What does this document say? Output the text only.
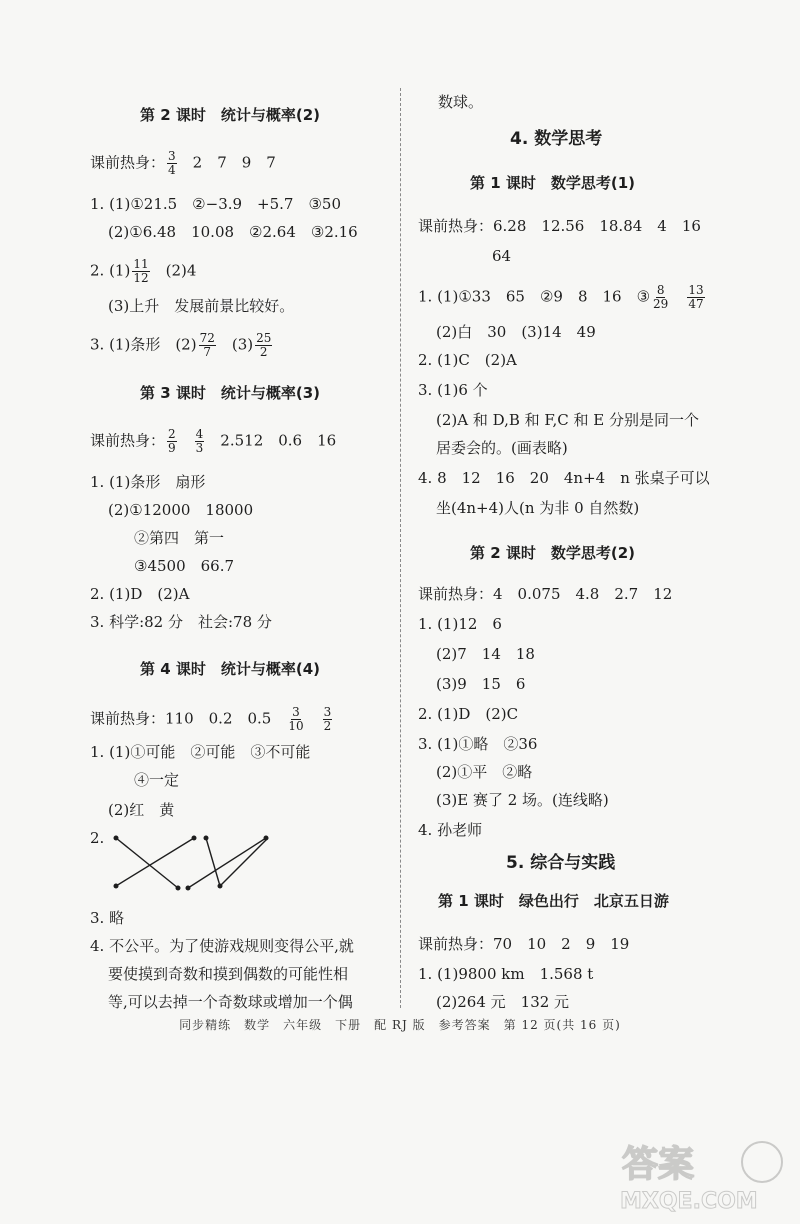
第 2 课时　统计与概率(2)
课前热身： $\frac{3}{4} 2$　7　9　7
1. (1)①21.5　②−3.9　+5.7　③50
(2)①6.48　10.08　②2.64　③2.16
2. $(1) \frac{11}{12} (2)4$
(3)上升　发展前景比较好。
3. (1)条形　$(2) \frac{72}{7} (3) \frac{25}{2}$
第 3 课时　统计与概率(3)
课前热身： $\frac{2}{9} \frac{4}{3} 2.512$　0.6　16
1. (1)条形　扇形
(2)①12000　18000
②第四　第一
③4500　66.7
2. (1)D　(2)A
3. 科学:82 分　社会:78 分
第 4 课时　统计与概率(4)
课前热身：110　0.2　$0.5 \frac{3}{10} \frac{3}{2}$
1. (1)①可能　②可能　③不可能
④一定
(2)红　黄
2.
3. 略
4. 不公平。为了使游戏规则变得公平,就
要使摸到奇数和摸到偶数的可能性相
等,可以去掉一个奇数球或增加一个偶
数球。
4. 数学思考
第 1 课时　数学思考(1)
课前热身：6.28　12.56　18.84　4　16
64
1. (1)①33　65　②9　8　16　③ $\frac{8}{29} \frac{13}{47}$
(2)白　30　(3)14　49
2. (1)C　(2)A
3. (1)6 个
(2)A 和 D,B 和 F,C 和 E 分别是同一个
居委会的。(画表略)
4. 8　12　16　20　4n+4　n 张桌子可以
坐(4n+4)人(n 为非 0 自然数)
第 2 课时　数学思考(2)
课前热身：4　0.075　4.8　2.7　12
1. (1)12　6
(2)7　14　18
(3)9　15　6
2. (1)D　(2)C
3. (1)①略　②36
(2)①平　②略
(3)E 赛了 2 场。(连线略)
4. 孙老师
5. 综合与实践
第 1 课时　绿色出行　北京五日游
课前热身：70　10　2　9　19
1. (1)9800 km　1.568 t
(2)264 元　132 元
同步精练　数学　六年级　下册　配 RJ 版　参考答案　第 12 页(共 16 页)
答案
MXQE.COM
